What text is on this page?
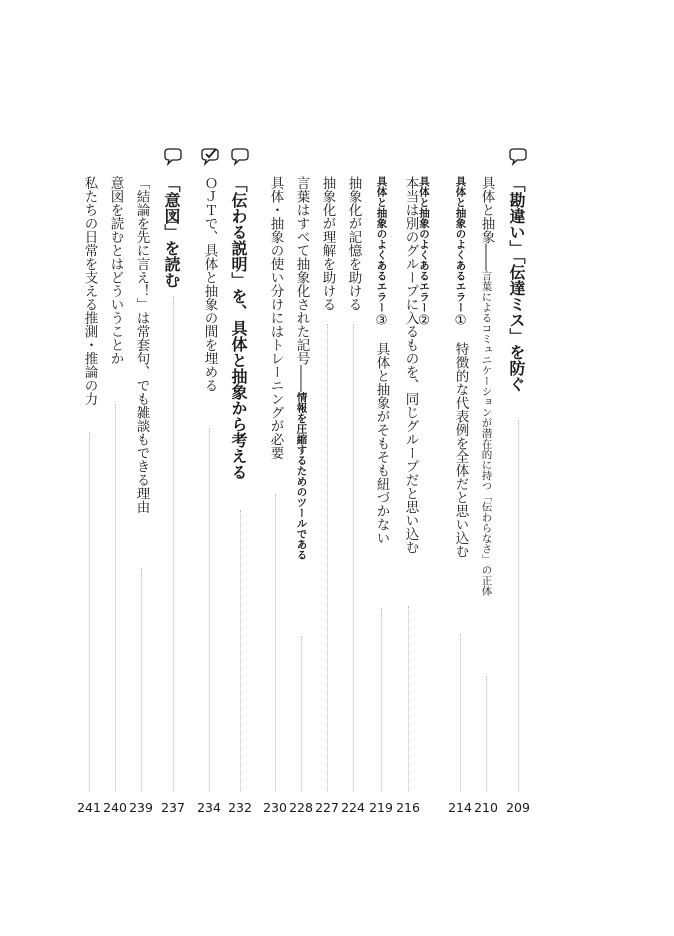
「勘違い」「伝達ミス」を防ぐ
209
具体と抽象――言葉によるコミュニケーションが潜在的に持つ「伝わらなさ」の正体
210
具体と抽象のよくあるエラー①　特徴的な代表例を全体だと思い込む
214
具体と抽象のよくあるエラー②
本当は別のグループに入るものを、同じグループだと思い込む
216
具体と抽象のよくあるエラー③　具体と抽象がそもそも紐づかない
219
抽象化が記憶を助ける
224
抽象化が理解を助ける
227
言葉はすべて抽象化された記号――情報を圧縮するためのツールである
228
具体・抽象の使い分けにはトレーニングが必要
230
「伝わる説明」を、具体と抽象から考える
232
ＯＪＴで、具体と抽象の間を埋める
234
「意図」を読む
237
「結論を先に言え！」は常套句、でも雑談もできる理由
239
意図を読むとはどういうことか
240
私たちの日常を支える推測・推論の力
241
